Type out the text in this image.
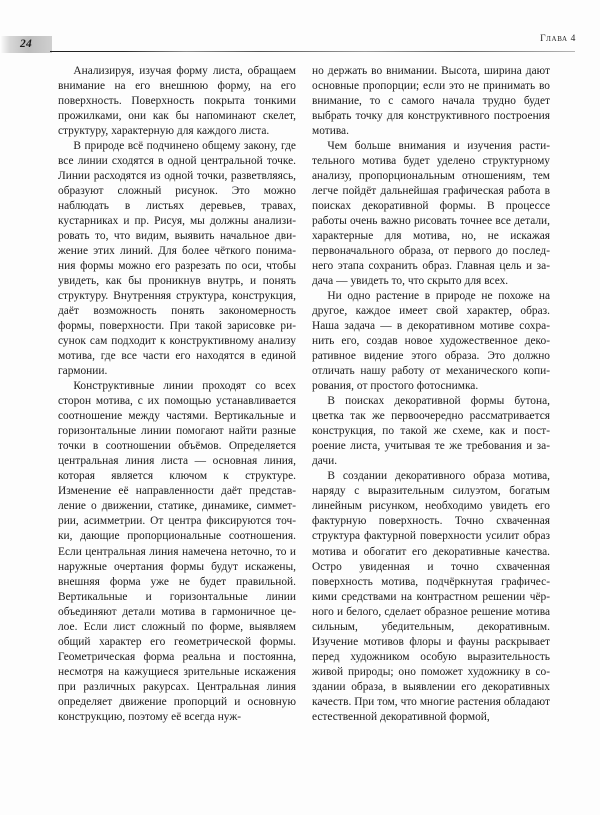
24	Глава 4

Анализируя, изучая форму листа, обращаем внимание на его внешнюю форму, на его поверхность. Поверхность покрыта тонкими прожилками, они как бы напоминают скелет, структуру, характерную для каждого листа.

В природе всё подчинено общему закону, где все линии сходятся в одной центральной точке. Линии расходятся из одной точки, разветвляясь, образуют сложный рисунок. Это можно наблюдать в листьях деревьев, травах, кустарниках и пр. Рисуя, мы должны анализировать то, что видим, выявить начальное движение этих линий. Для более чёткого понимания формы можно его разрезать по оси, чтобы увидеть, как бы проникнув внутрь, и понять структуру. Внутренняя структура, конструкция, даёт возможность понять закономерность формы, поверхности. При такой зарисовке рисунок сам подходит к конструктивному анализу мотива, где все части его находятся в единой гармонии.

Конструктивные линии проходят со всех сторон мотива, с их помощью устанавливается соотношение между частями. Вертикальные и горизонтальные линии помогают найти разные точки в соотношении объёмов. Определяется центральная линия листа — основная линия, которая является ключом к структуре. Изменение её направленности даёт представление о движении, статике, динамике, симметрии, асимметрии. От центра фиксируются точки, дающие пропорциональные соотношения. Если центральная линия намечена неточно, то и наружные очертания формы будут искажены, внешняя форма уже не будет правильной. Вертикальные и горизонтальные линии объединяют детали мотива в гармоничное целое. Если лист сложный по форме, выявляем общий характер его геометрической формы. Геометрическая форма реальна и постоянна, несмотря на кажущиеся зрительные искажения при различных ракурсах. Центральная линия определяет движение пропорций и основную конструкцию, поэтому её всегда нуж-

но держать во внимании. Высота, ширина дают основные пропорции; если это не принимать во внимание, то с самого начала трудно будет выбрать точку для конструктивного построения мотива.

Чем больше внимания и изучения растительного мотива будет уделено структурному анализу, пропорциональным отношениям, тем легче пойдёт дальнейшая графическая работа в поисках декоративной формы. В процессе работы очень важно рисовать точнее все детали, характерные для мотива, но, не искажая первоначального образа, от первого до последнего этапа сохранить образ. Главная цель и задача — увидеть то, что скрыто для всех.

Ни одно растение в природе не похоже на другое, каждое имеет свой характер, образ. Наша задача — в декоративном мотиве сохранить его, создав новое художественное декоративное видение этого образа. Это должно отличать нашу работу от механического копирования, от простого фотоснимка.

В поисках декоративной формы бутона, цветка так же первоочередно рассматривается конструкция, по такой же схеме, как и построение листа, учитывая те же требования и задачи.

В создании декоративного образа мотива, наряду с выразительным силуэтом, богатым линейным рисунком, необходимо увидеть его фактурную поверхность. Точно схваченная структура фактурной поверхности усилит образ мотива и обогатит его декоративные качества. Остро увиденная и точно схваченная поверхность мотива, подчёркнутая графическими средствами на контрастном решении чёрного и белого, сделает образное решение мотива сильным, убедительным, декоративным. Изучение мотивов флоры и фауны раскрывает перед художником особую выразительность живой природы; оно поможет художнику в создании образа, в выявлении его декоративных качеств. При том, что многие растения обладают естественной декоративной формой,
